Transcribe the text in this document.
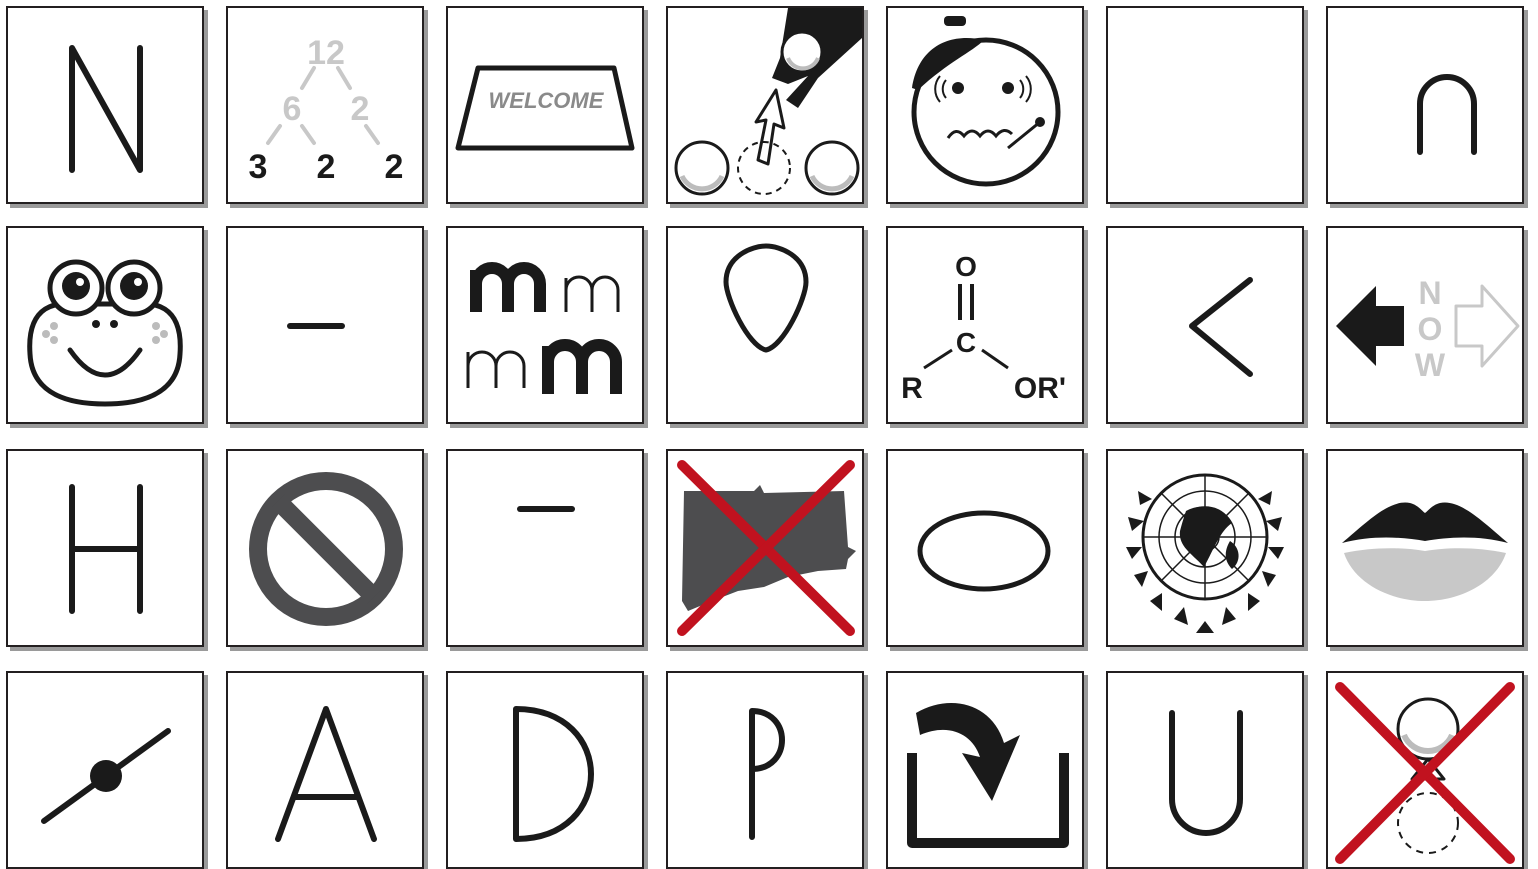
12
6 2
3 2 2
WELCOME
O
C
R	OR'
N
O
W
